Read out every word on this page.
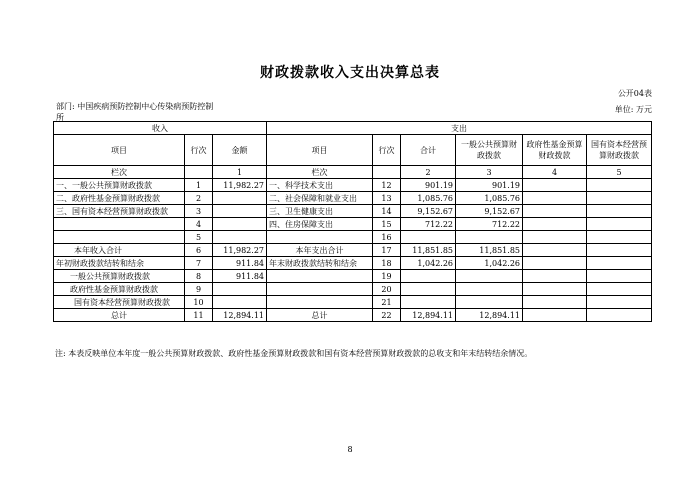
财政拨款收入支出决算总表
公开04表
部门: 中国疾病预防控制中心传染病预防控制所
单位: 万元
收入			支出					
项目	行次	金额	项目	行次	合计	一般公共预算财政拨款	政府性基金预算财政拨款	国有资本经营预算财政拨款
栏次		1	栏次		2	3	4	5
一、一般公共预算财政拨款	1	11,982.27	一、科学技术支出	12	901.19	901.19		
二、政府性基金预算财政拨款	2		二、社会保障和就业支出	13	1,085.76	1,085.76		
三、国有资本经营预算财政拨款	3		三、卫生健康支出	14	9,152.67	9,152.67		
	4		四、住房保障支出	15	712.22	712.22		
	5			16				
本年收入合计	6	11,982.27	本年支出合计	17	11,851.85	11,851.85		
年初财政拨款结转和结余	7	911.84	年末财政拨款结转和结余	18	1,042.26	1,042.26		
一般公共预算财政拨款	8	911.84		19				
政府性基金预算财政拨款	9			20				
国有资本经营预算财政拨款	10			21				
总计	11	12,894.11	总计	22	12,894.11	12,894.11		
注: 本表反映单位本年度一般公共预算财政拨款、政府性基金预算财政拨款和国有资本经营预算财政拨款的总收支和年末结转结余情况。
8
